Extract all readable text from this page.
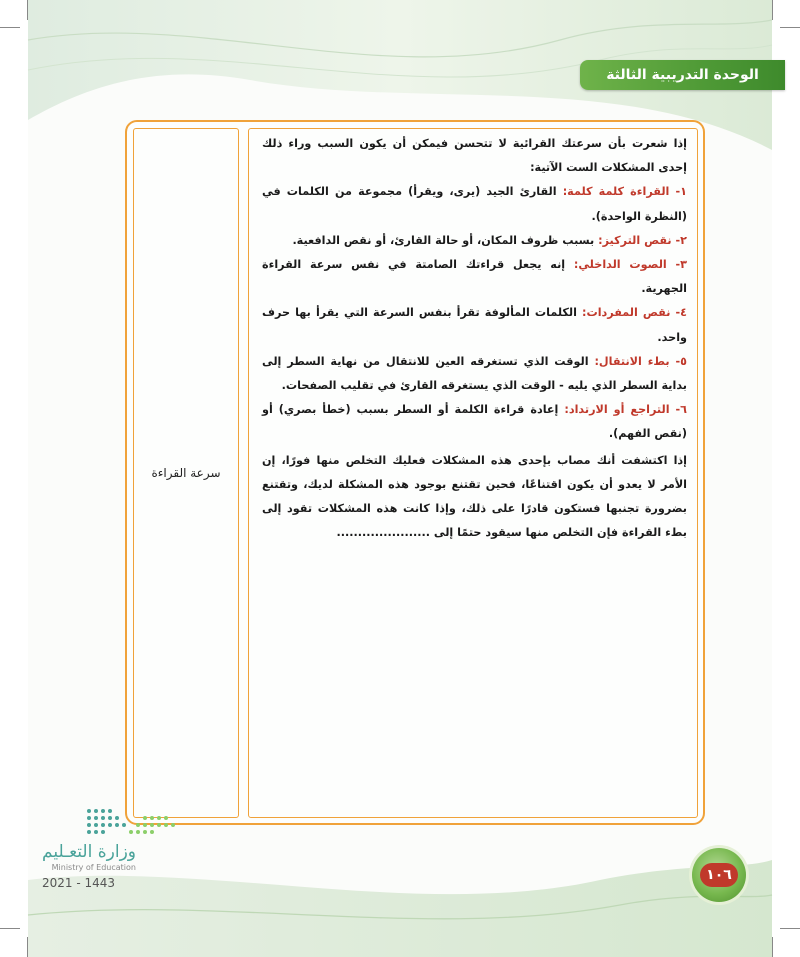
الوحدة التدريبية الثالثة
سرعة القراءة

إذا شعرت بأن سرعتك القرائية لا تتحسن فيمكن أن يكون السبب وراء ذلك إحدى المشكلات الست الآتية:

١- القراءة كلمة كلمة: القارئ الجيد (يرى، ويقرأ) مجموعة من الكلمات في (النظرة الواحدة).

٢- نقص التركيز: بسبب ظروف المكان، أو حالة القارئ، أو نقص الدافعية.

٣- الصوت الداخلي: إنه يجعل قراءتك الصامتة في نفس سرعة القراءة الجهرية.

٤- نقص المفردات: الكلمات المألوفة تقرأ بنفس السرعة التي يقرأ بها حرف واحد.

٥- بطء الانتقال: الوقت الذي تستغرقه العين للانتقال من نهاية السطر إلى بداية السطر الذي يليه - الوقت الذي يستغرقه القارئ في تقليب الصفحات.

٦- التراجع أو الارتداد: إعادة قراءة الكلمة أو السطر بسبب (خطأ بصري) أو (نقص الفهم).

إذا اكتشفت أنك مصاب بإحدى هذه المشكلات فعليك التخلص منها فورًا، إن الأمر لا يعدو أن يكون اقتناعًا، فحين تقتنع بوجود هذه المشكلة لديك، وتقتنع بضرورة تجنبها فستكون قادرًا على ذلك، وإذا كانت هذه المشكلات تقود إلى بطء القراءة فإن التخلص منها سيقود حتمًا إلى ......................

وزارة التعـليم
Ministry of Education
2021 - 1443	١٠٦
